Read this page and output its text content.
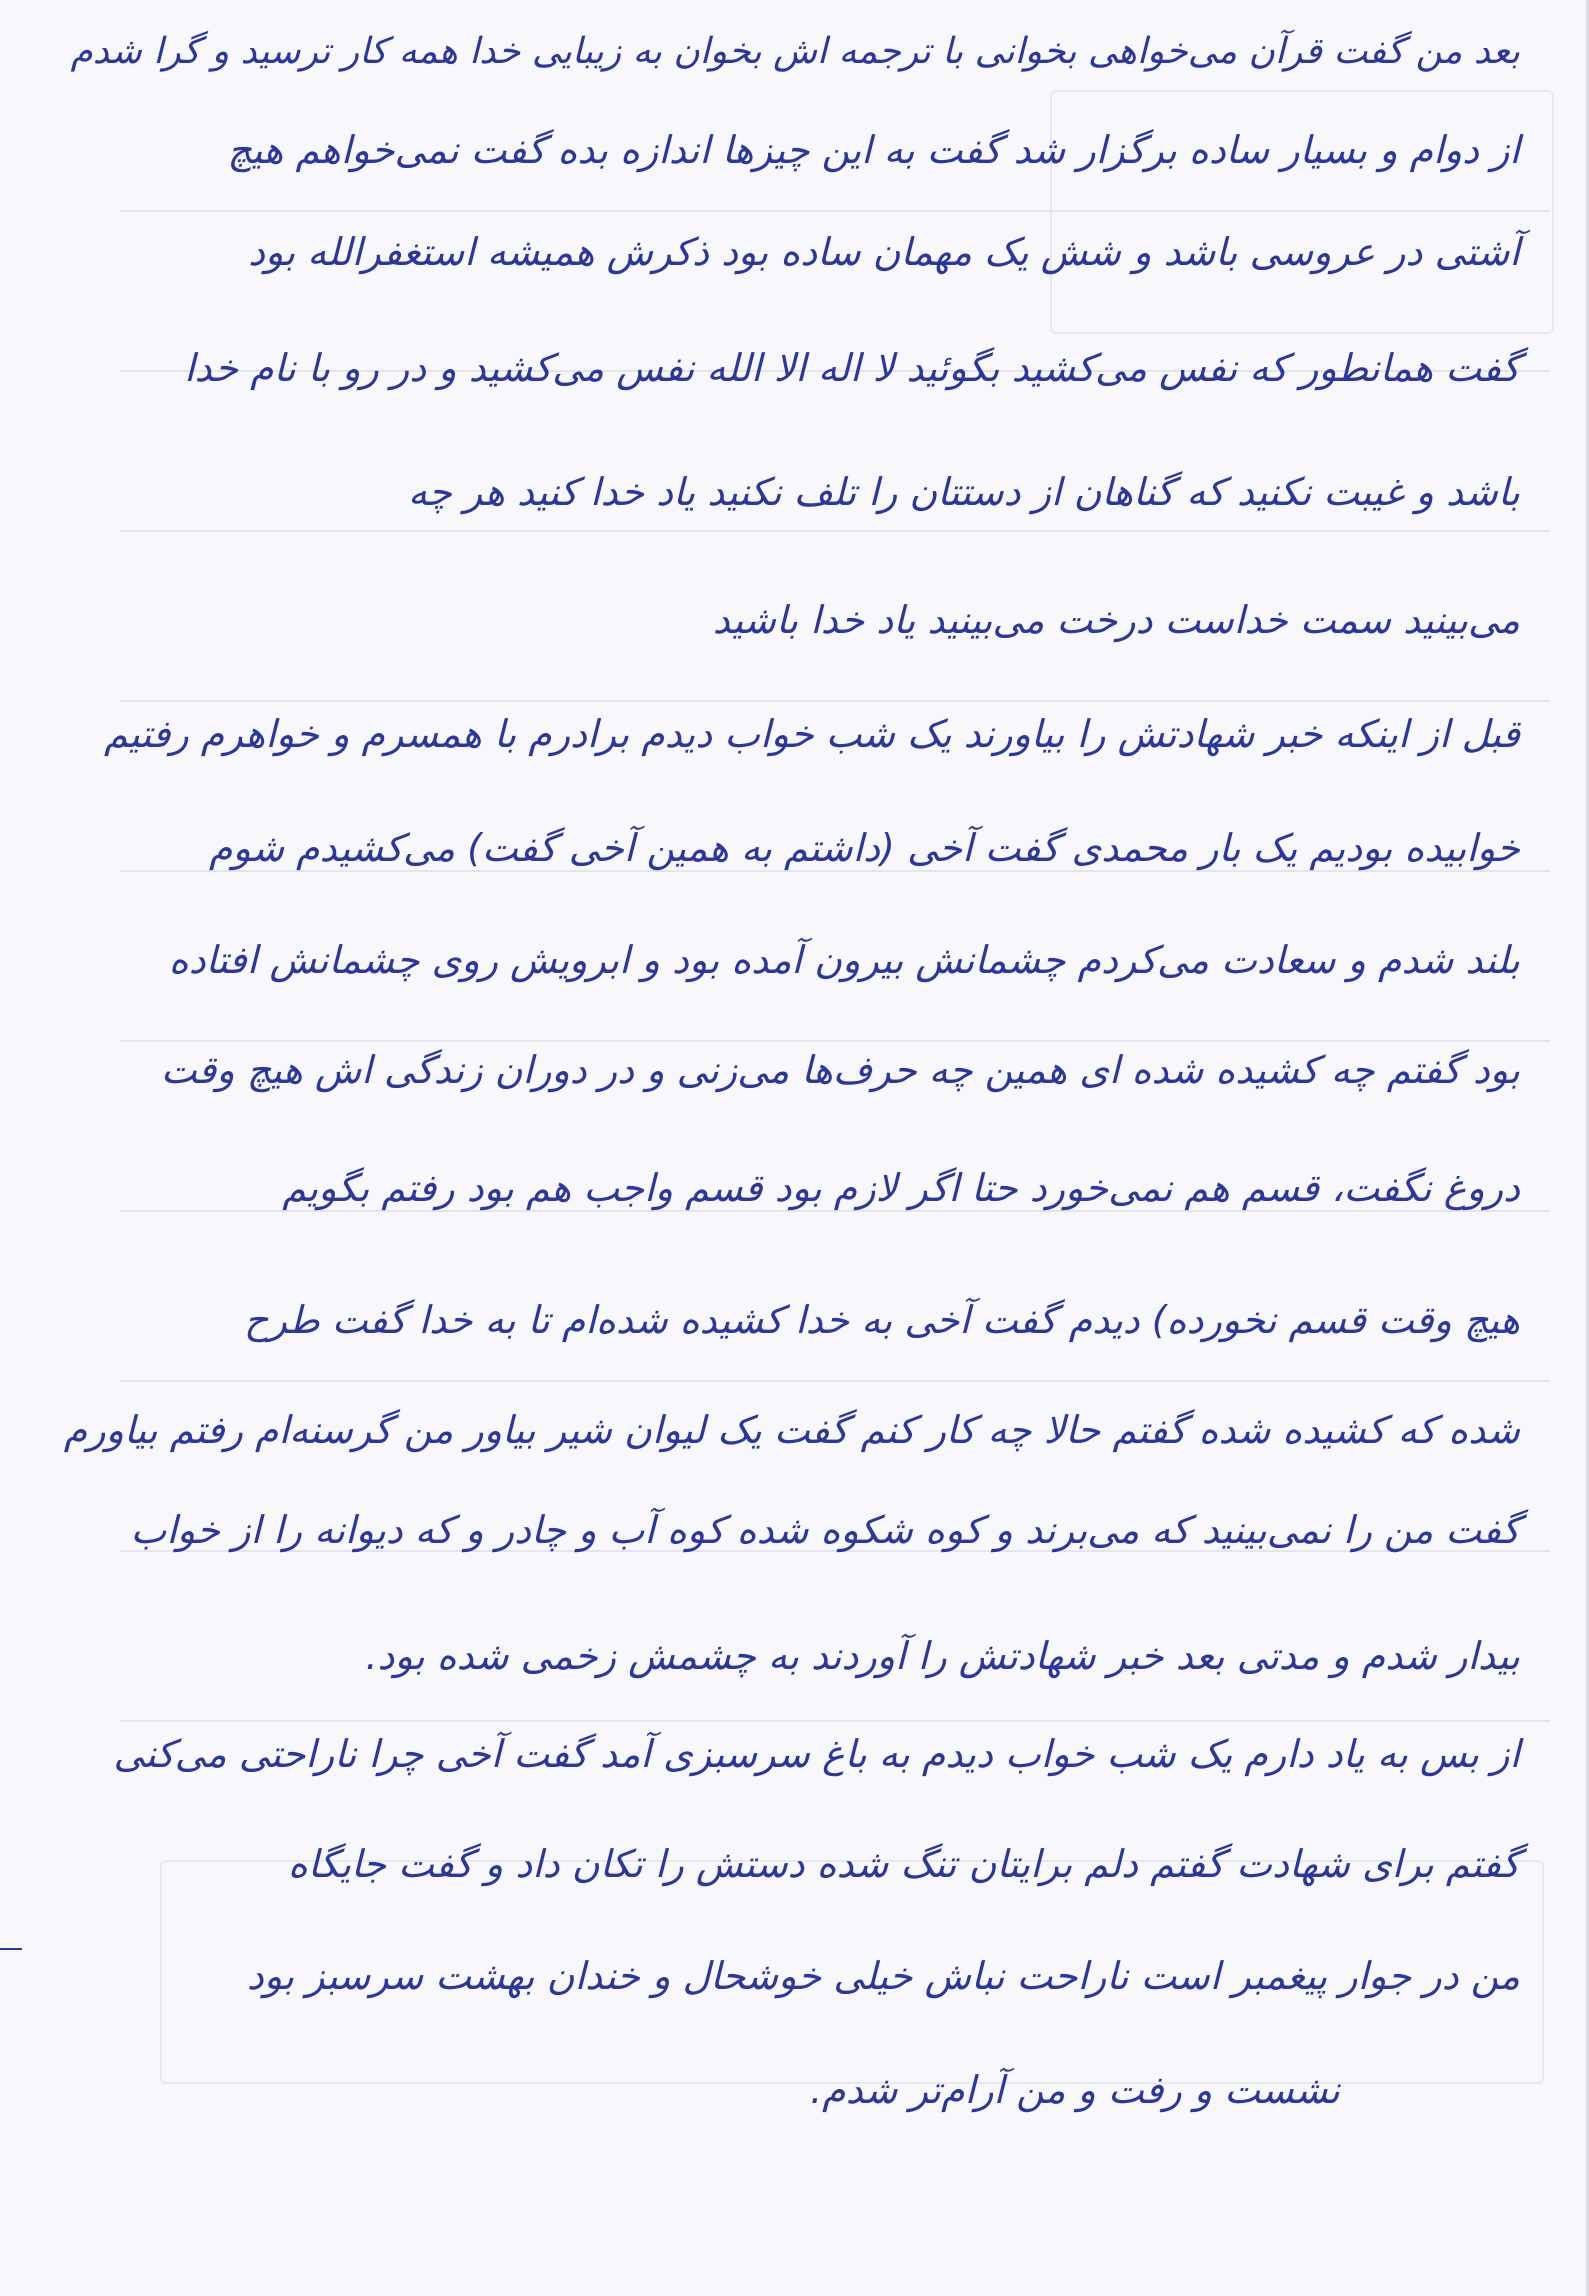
بعد من گفت قرآن می‌خواهی بخوانی با ترجمه اش بخوان به زیبایی خدا همه کار ترسید و گرا شدم
از دوام و بسیار ساده برگزار شد گفت به این چیزها اندازه بده گفت نمی‌خواهم هیچ
آشتی در عروسی باشد و شش یک مهمان ساده بود ذکرش همیشه استغفرالله بود
گفت همانطور که نفس می‌کشید بگوئید لا اله الا الله نفس می‌کشید و در رو با نام خدا
باشد و غیبت نکنید که گناهان از دستتان را تلف نکنید یاد خدا کنید هر چه
می‌بینید سمت خداست درخت می‌بینید یاد خدا باشید
قبل از اینکه خبر شهادتش را بیاورند یک شب خواب دیدم برادرم با همسرم و خواهرم رفتیم
خوابیده بودیم یک بار محمدی گفت آخی (داشتم به همین آخی گفت) می‌کشیدم شوم
بلند شدم و سعادت می‌کردم چشمانش بیرون آمده بود و ابرویش روی چشمانش افتاده
بود گفتم چه کشیده شده ای همین چه حرف‌ها می‌زنی و در دوران زندگی اش هیچ وقت
دروغ نگفت، قسم هم نمی‌خورد حتا اگر لازم بود قسم واجب هم بود رفتم بگویم
هیچ وقت قسم نخورده) دیدم گفت آخی به خدا کشیده شده‌ام تا به خدا گفت طرح
شده که کشیده شده گفتم حالا چه کار کنم گفت یک لیوان شیر بیاور من گرسنه‌ام رفتم بیاورم
گفت من را نمی‌بینید که می‌برند و کوه شکوه شده کوه آب و چادر و که دیوانه را از خواب
بیدار شدم و مدتی بعد خبر شهادتش را آوردند به چشمش زخمی شده بود.
از بس به یاد دارم یک شب خواب دیدم به باغ سرسبزی آمد گفت آخی چرا ناراحتی می‌کنی
گفتم برای شهادت گفتم دلم برایتان تنگ شده دستش را تکان داد و گفت جایگاه
من در جوار پیغمبر است ناراحت نباش خیلی خوشحال و خندان بهشت سرسبز بود
نشست و رفت و من آرام‌تر شدم.
